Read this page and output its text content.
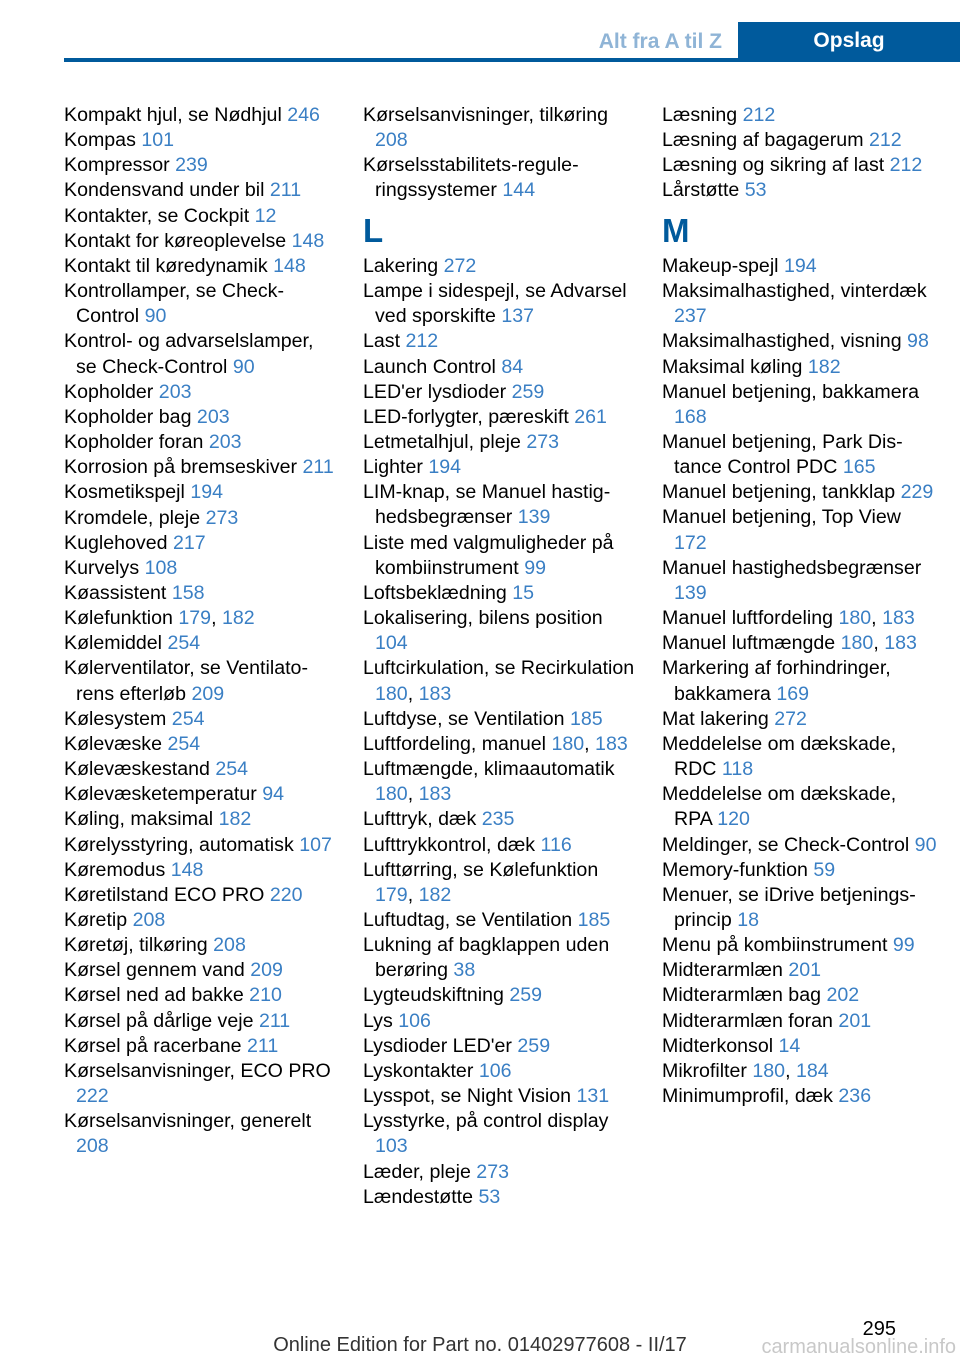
Alt fra A til Z	Opslag
Kompakt hjul, se Nødhjul 246
Kompas 101
Kompressor 239
Kondensvand under bil 211
Kontakter, se Cockpit 12
Kontakt for køreoplevelse 148
Kontakt til køredynamik 148
Kontrollamper, se Check-Control 90
Kontrol- og advarselslamper, se Check-Control 90
Kopholder 203
Kopholder bag 203
Kopholder foran 203
Korrosion på bremseskiver 211
Kosmetikspejl 194
Kromdele, pleje 273
Kuglehoved 217
Kurvelys 108
Køassistent 158
Kølefunktion 179, 182
Kølemiddel 254
Kølerventilator, se Ventilatorens efterløb 209
Kølesystem 254
Kølevæske 254
Kølevæskestand 254
Kølevæsketemperatur 94
Køling, maksimal 182
Kørelysstyring, automatisk 107
Køremodus 148
Køretilstand ECO PRO 220
Køretip 208
Køretøj, tilkøring 208
Kørsel gennem vand 209
Kørsel ned ad bakke 210
Kørsel på dårlige veje 211
Kørsel på racerbane 211
Kørselsanvisninger, ECO PRO 222
Kørselsanvisninger, generelt 208
Kørselsanvisninger, tilkøring 208
Kørselsstabilitets-reguleringssystemer 144
L
Lakering 272
Lampe i sidespejl, se Advarsel ved sporskifte 137
Last 212
Launch Control 84
LED'er lysdioder 259
LED-forlygter, pæreskift 261
Letmetalhjul, pleje 273
Lighter 194
LIM-knap, se Manuel hastighedsbegrænser 139
Liste med valgmuligheder på kombiinstrument 99
Loftsbeklædning 15
Lokalisering, bilens position 104
Luftcirkulation, se Recirkulation 180, 183
Luftdyse, se Ventilation 185
Luftfordeling, manuel 180, 183
Luftmængde, klimaautomatik 180, 183
Lufttryk, dæk 235
Lufttrykkontrol, dæk 116
Lufttørring, se Kølefunktion 179, 182
Luftudtag, se Ventilation 185
Lukning af bagklappen uden berøring 38
Lygteudskiftning 259
Lys 106
Lysdioder LED'er 259
Lyskontakter 106
Lysspot, se Night Vision 131
Lysstyrke, på control display 103
Læder, pleje 273
Lændestøtte 53
Læsning 212
Læsning af bagagerum 212
Læsning og sikring af last 212
Lårstøtte 53
M
Makeup-spejl 194
Maksimalhastighed, vinterdæk 237
Maksimalhastighed, visning 98
Maksimal køling 182
Manuel betjening, bakkamera 168
Manuel betjening, Park Distance Control PDC 165
Manuel betjening, tankklap 229
Manuel betjening, Top View 172
Manuel hastighedsbegrænser 139
Manuel luftfordeling 180, 183
Manuel luftmængde 180, 183
Markering af forhindringer, bakkamera 169
Mat lakering 272
Meddelelse om dækskade, RDC 118
Meddelelse om dækskade, RPA 120
Meldinger, se Check-Control 90
Memory-funktion 59
Menuer, se iDrive betjeningsprincip 18
Menu på kombiinstrument 99
Midterarmlæn 201
Midterarmlæn bag 202
Midterarmlæn foran 201
Midterkonsol 14
Mikrofilter 180, 184
Minimumprofil, dæk 236
295
Online Edition for Part no. 01402977608 - II/17	carmanualsonline.info
